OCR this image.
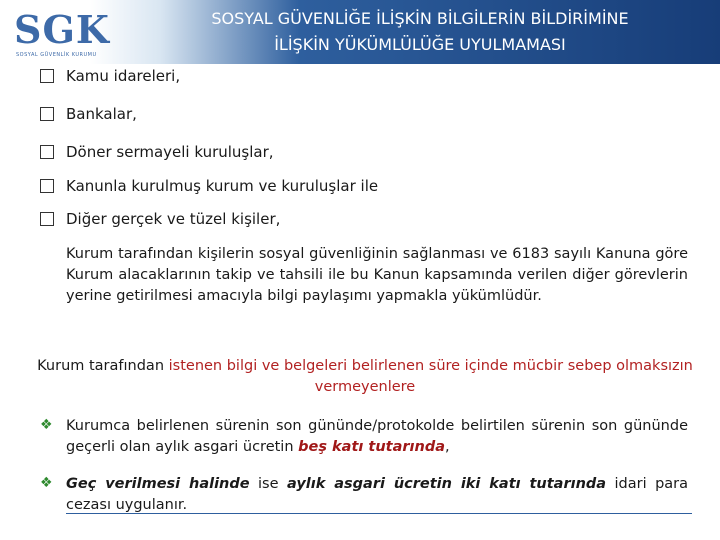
SGK
SOSYAL GÜVENLİK KURUMU
SOSYAL GÜVENLİĞE İLİŞKİN BİLGİLERİN BİLDİRİMİNE
İLİŞKİN YÜKÜMLÜLÜĞE UYULMAMASI
Kamu idareleri,
Bankalar,
Döner sermayeli kuruluşlar,
Kanunla kurulmuş kurum ve kuruluşlar ile
Diğer gerçek ve tüzel kişiler,
Kurum tarafından kişilerin sosyal güvenliğinin sağlanması ve 6183 sayılı Kanuna göre Kurum alacaklarının takip ve tahsili ile bu Kanun kapsamında verilen diğer görevlerin yerine getirilmesi amacıyla bilgi paylaşımı yapmakla yükümlüdür.
Kurum tarafından istenen bilgi ve belgeleri belirlenen süre içinde mücbir sebep olmaksızın vermeyenlere
❖ Kurumca belirlenen sürenin son gününde/protokolde belirtilen sürenin son gününde geçerli olan aylık asgari ücretin beş katı tutarında,
❖ Geç verilmesi halinde ise aylık asgari ücretin iki katı tutarında idari para cezası uygulanır.
